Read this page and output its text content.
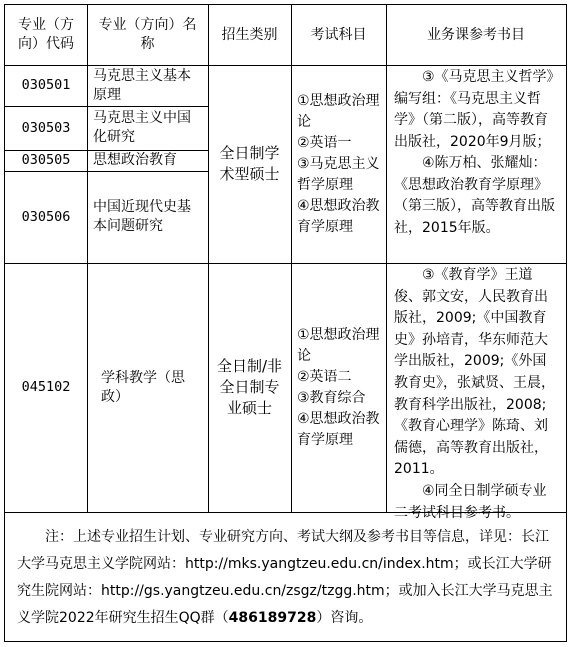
专业（方向）代码
专业（方向）名称
招生类别 考试科目	业务课参考书目
030501
马克思主义基本原理
030503
马克思主义中国化研究
030505 思想政治教育
030506
中国近现代史基本问题研究
全日制学术型硕士
①思想政治理论
②英语一
③马克思主义哲学原理
④思想政治教育学原理

③《马克思主义哲学》编写组：《马克思主义哲学》（第二版），高等教育出版社，2020年9月版；

④陈万柏、张耀灿：《思想政治教育学原理》（第三版），高等教育出版社，2015年版。

045102
学科教学（思政）
全日制/非全日制专业硕士
①思想政治理论
②英语二
③教育综合
④思想政治教育学原理

③《教育学》王道俊、郭文安，人民教育出版社，2009;《中国教育史》孙培青，华东师范大学出版社，2009;《外国教育史》，张斌贤、王晨，教育科学出版社，2008;《教育心理学》陈琦、刘儒德，高等教育出版社，2011。

④同全日制学硕专业二考试科目参考书。

注：上述专业招生计划、专业研究方向、考试大纲及参考书目等信息，详见：长江大学马克思主义学院网站：http://mks.yangtzeu.edu.cn/index.htm；或长江大学研究生院网站：http://gs.yangtzeu.edu.cn/zsgz/tzgg.htm；或加入长江大学马克思主义学院2022年研究生招生QQ群（486189728）咨询。
